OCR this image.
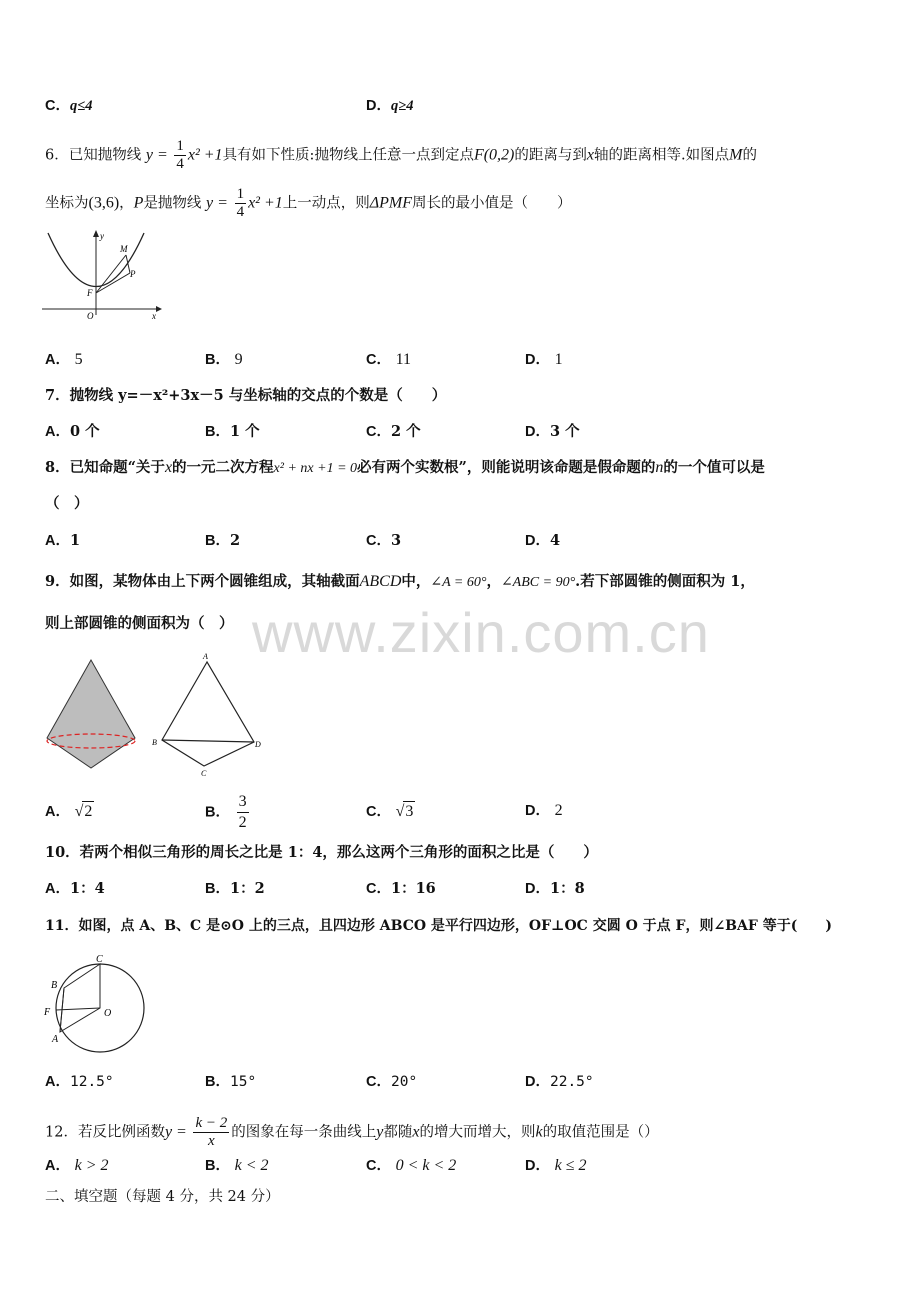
www.zixin.com.cn
C．q≤4	D．q≥4
6．已知抛物线 $y = \frac{1}{4} x^2 +1$具有如下性质:抛物线上任意一点到定点F(0,2)的距离与到x轴的距离相等.如图点M的
坐标为(3,6)，P是抛物线 $y = \frac{1}{4} x^2 +1$上一动点，则ΔPMF周长的最小值是（　　）
y
x
O
F
M
P
A． 5	B． 9	C． 11	D． 1
7．抛物线 y=－x²+3x－5 与坐标轴的交点的个数是（　　）
A．0 个	B．1 个	C．2 个	D．3 个
8．已知命题“关于x的一元二次方程x² + nx +1 = 0必有两个实数根”，则能说明该命题是假命题的n的一个值可以是
（　）
A．1	B．2	C．3	D．4
9．如图，某物体由上下两个圆锥组成，其轴截面ABCD中，∠A = 60°，∠ABC = 90°.若下部圆锥的侧面积为 1，
则上部圆锥的侧面积为（　）
A
B
C
D
A． √2	B． $\frac{3}{2}$	C． √3	D． 2
10．若两个相似三角形的周长之比是 1：4，那么这两个三角形的面积之比是（　　）
A．1：4	B．1：2	C．1：16	D．1：8
11．如图，点 A、B、C 是⊙O 上的三点，且四边形 ABCO 是平行四边形，OF⊥OC 交圆 O 于点 F，则∠BAF 等于(　　)
C
B
F	O
A
A．12.5°	B．15°	C．20°	D．22.5°
12．若反比例函数$y = \frac{k - 2}{x}$ 的图象在每一条曲线上y都随x的增大而增大，则k的取值范围是（）
A． k > 2	B． k < 2	C． 0 < k < 2	D． k ≤ 2
二、填空题（每题 4 分，共 24 分）
